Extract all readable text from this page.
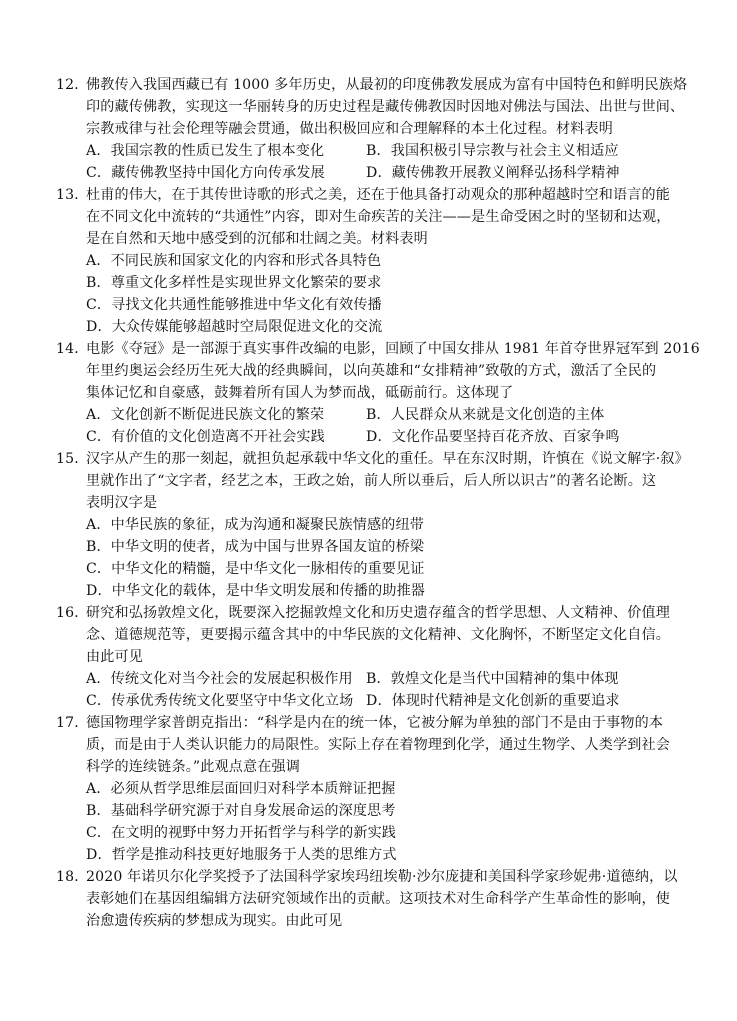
12．
佛教传入我国西藏已有 1000 多年历史，从最初的印度佛教发展成为富有中国特色和鲜明民族烙
印的藏传佛教，实现这一华丽转身的历史过程是藏传佛教因时因地对佛法与国法、出世与世间、
宗教戒律与社会伦理等融会贯通，做出积极回应和合理解释的本土化过程。材料表明
A．我国宗教的性质已发生了根本变化	B．我国积极引导宗教与社会主义相适应
C．藏传佛教坚持中国化方向传承发展	D．藏传佛教开展教义阐释弘扬科学精神
13．
杜甫的伟大，在于其传世诗歌的形式之美，还在于他具备打动观众的那种超越时空和语言的能
在不同文化中流转的“共通性”内容，即对生命疾苦的关注——是生命受困之时的坚韧和达观，
是在自然和天地中感受到的沉郁和壮阔之美。材料表明
A．不同民族和国家文化的内容和形式各具特色
B．尊重文化多样性是实现世界文化繁荣的要求
C．寻找文化共通性能够推进中华文化有效传播
D．大众传媒能够超越时空局限促进文化的交流
14．
电影《夺冠》是一部源于真实事件改编的电影，回顾了中国女排从 1981 年首夺世界冠军到 2016
年里约奥运会经历生死大战的经典瞬间，以向英雄和“女排精神”致敬的方式，激活了全民的
集体记忆和自豪感，鼓舞着所有国人为梦而战，砥砺前行。这体现了
A．文化创新不断促进民族文化的繁荣	B．人民群众从来就是文化创造的主体
C．有价值的文化创造离不开社会实践	D．文化作品要坚持百花齐放、百家争鸣
15．
汉字从产生的那一刻起，就担负起承载中华文化的重任。早在东汉时期，许慎在《说文解字·叙》
里就作出了“文字者，经艺之本，王政之始，前人所以垂后，后人所以识古”的著名论断。这
表明汉字是
A．中华民族的象征，成为沟通和凝聚民族情感的纽带
B．中华文明的使者，成为中国与世界各国友谊的桥梁
C．中华文化的精髓，是中华文化一脉相传的重要见证
D．中华文化的载体，是中华文明发展和传播的助推器
16．
研究和弘扬敦煌文化，既要深入挖掘敦煌文化和历史遗存蕴含的哲学思想、人文精神、价值理
念、道德规范等，更要揭示蕴含其中的中华民族的文化精神、文化胸怀，不断坚定文化自信。
由此可见
A．传统文化对当今社会的发展起积极作用 B．敦煌文化是当代中国精神的集中体现
C．传承优秀传统文化要坚守中华文化立场 D．体现时代精神是文化创新的重要追求
17．
德国物理学家普朗克指出：“科学是内在的统一体，它被分解为单独的部门不是由于事物的本
质，而是由于人类认识能力的局限性。实际上存在着物理到化学，通过生物学、人类学到社会
科学的连续链条。”此观点意在强调
A．必须从哲学思维层面回归对科学本质辩证把握
B．基础科学研究源于对自身发展命运的深度思考
C．在文明的视野中努力开拓哲学与科学的新实践
D．哲学是推动科技更好地服务于人类的思维方式
18．
2020 年诺贝尔化学奖授予了法国科学家埃玛纽埃勒·沙尔庞捷和美国科学家珍妮弗·道德纳，以
表彰她们在基因组编辑方法研究领域作出的贡献。这项技术对生命科学产生革命性的影响，使
治愈遗传疾病的梦想成为现实。由此可见
